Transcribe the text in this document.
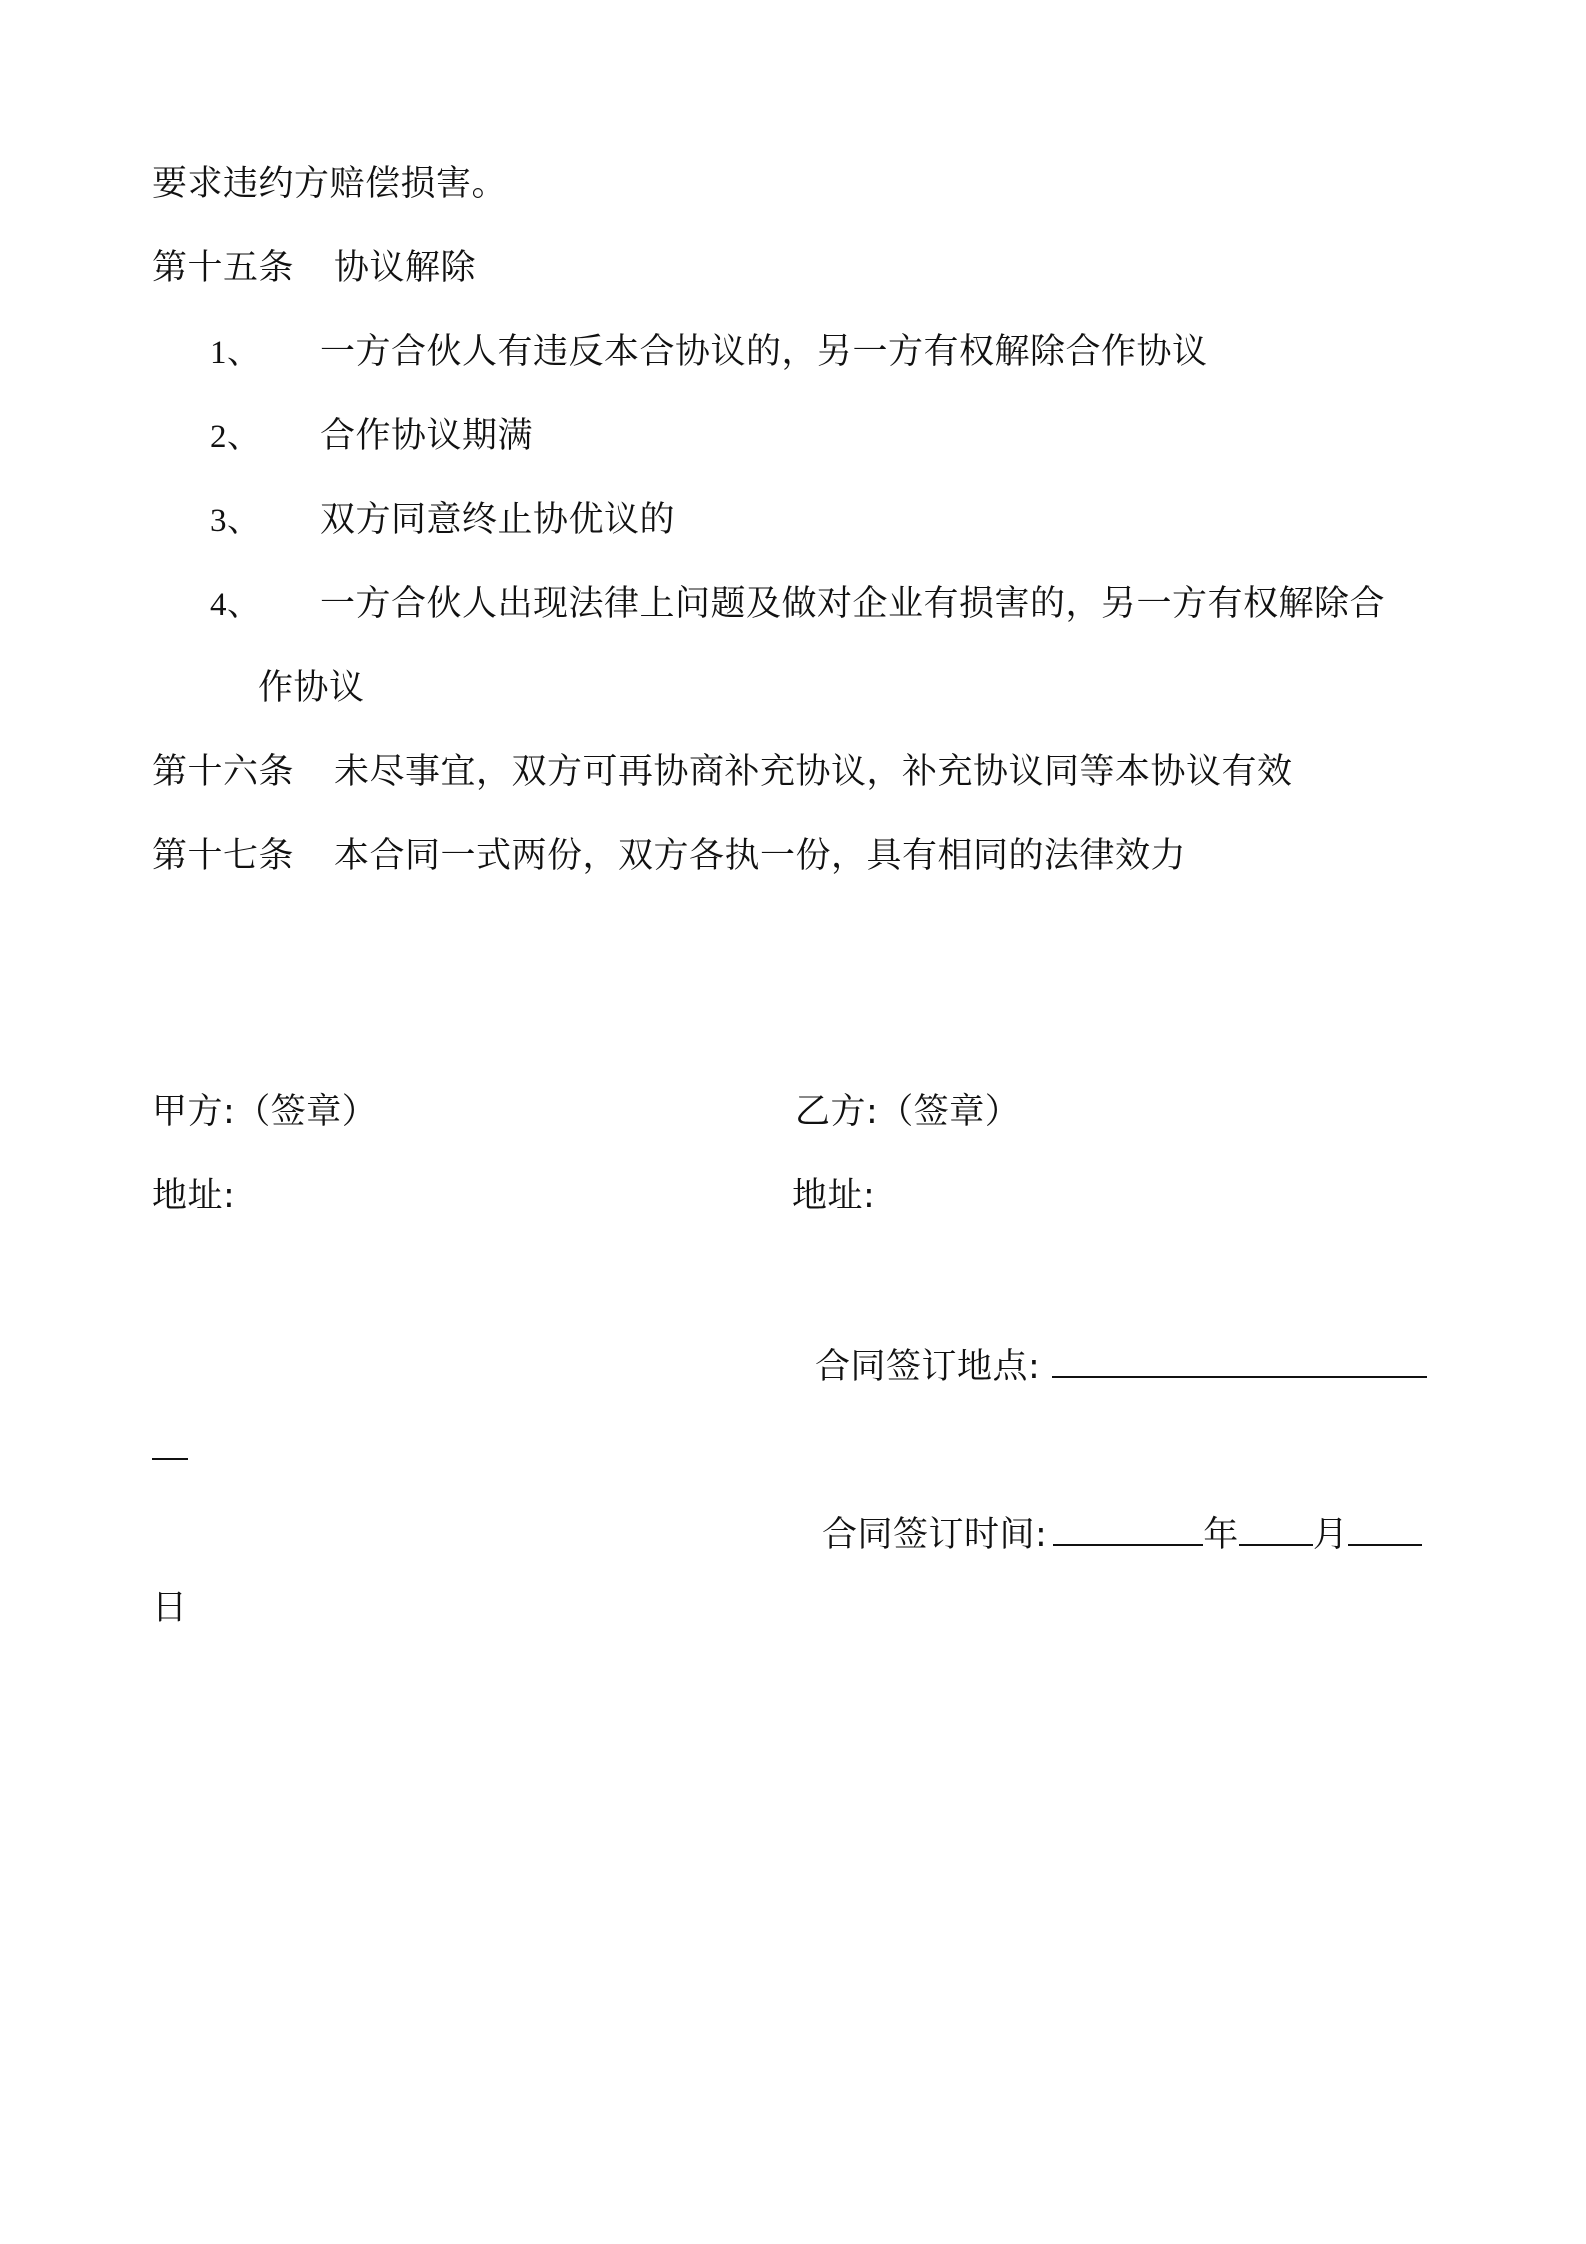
要求违约方赔偿损害。
第十五条 协议解除
1、 一方合伙人有违反本合协议的，另一方有权解除合作协议
2、 合作协议期满
3、 双方同意终止协优议的
4、 一方合伙人出现法律上问题及做对企业有损害的，另一方有权解除合
作协议
第十六条 未尽事宜，双方可再协商补充协议，补充协议同等本协议有效
第十七条 本合同一式两份，双方各执一份，具有相同的法律效力
甲方:（签章）	乙方:（签章）
地址:	地址:
合同签订地点:
合同签订时间:	年 月
日
